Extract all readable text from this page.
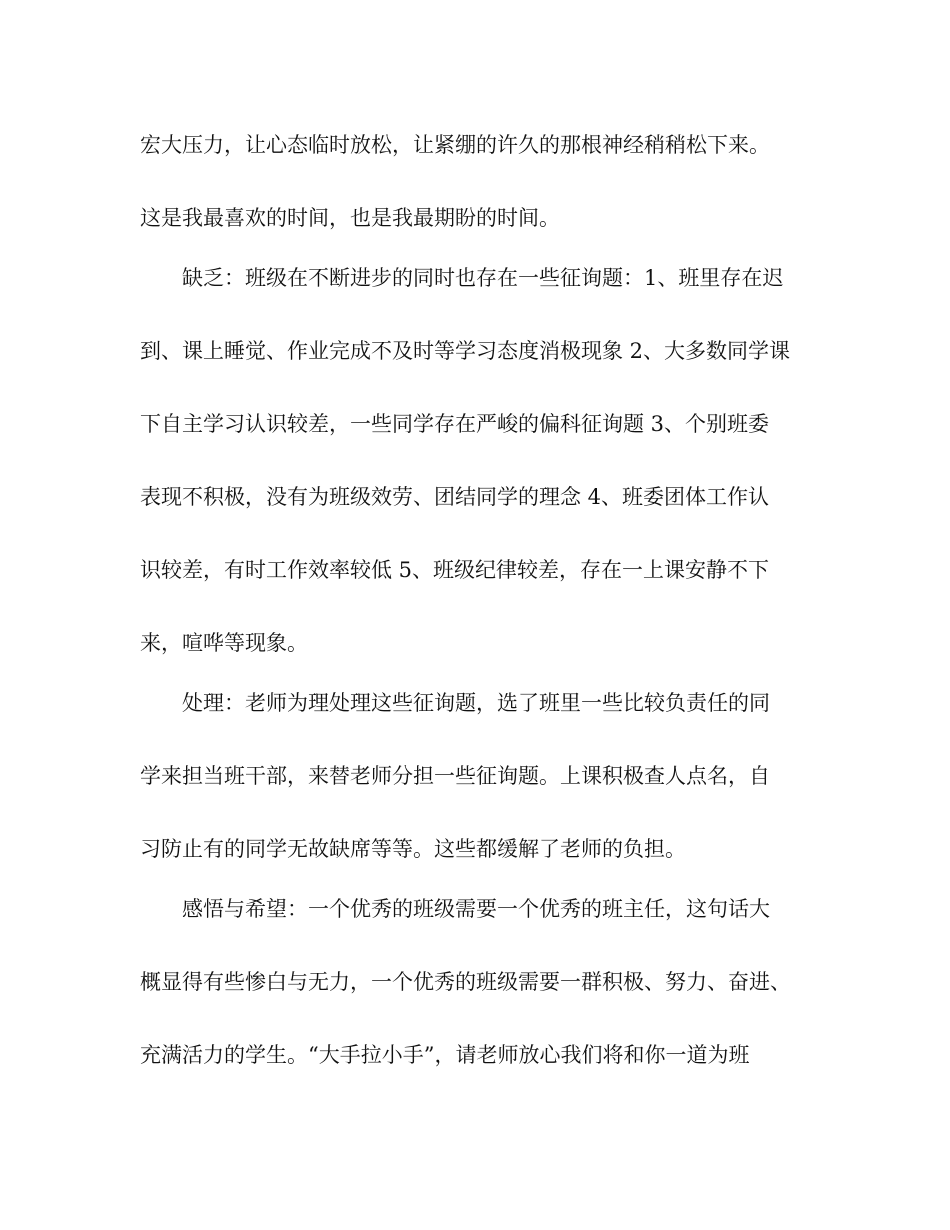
宏大压力，让心态临时放松，让紧绷的许久的那根神经稍稍松下来。
这是我最喜欢的时间，也是我最期盼的时间。
缺乏：班级在不断进步的同时也存在一些征询题：1、班里存在迟
到、课上睡觉、作业完成不及时等学习态度消极现象 2、大多数同学课
下自主学习认识较差，一些同学存在严峻的偏科征询题 3、个别班委
表现不积极，没有为班级效劳、团结同学的理念 4、班委团体工作认
识较差，有时工作效率较低 5、班级纪律较差，存在一上课安静不下
来，喧哗等现象。
处理：老师为理处理这些征询题，选了班里一些比较负责任的同
学来担当班干部，来替老师分担一些征询题。上课积极查人点名，自
习防止有的同学无故缺席等等。这些都缓解了老师的负担。
感悟与希望：一个优秀的班级需要一个优秀的班主任，这句话大
概显得有些惨白与无力，一个优秀的班级需要一群积极、努力、奋进、
充满活力的学生。“大手拉小手”，请老师放心我们将和你一道为班
